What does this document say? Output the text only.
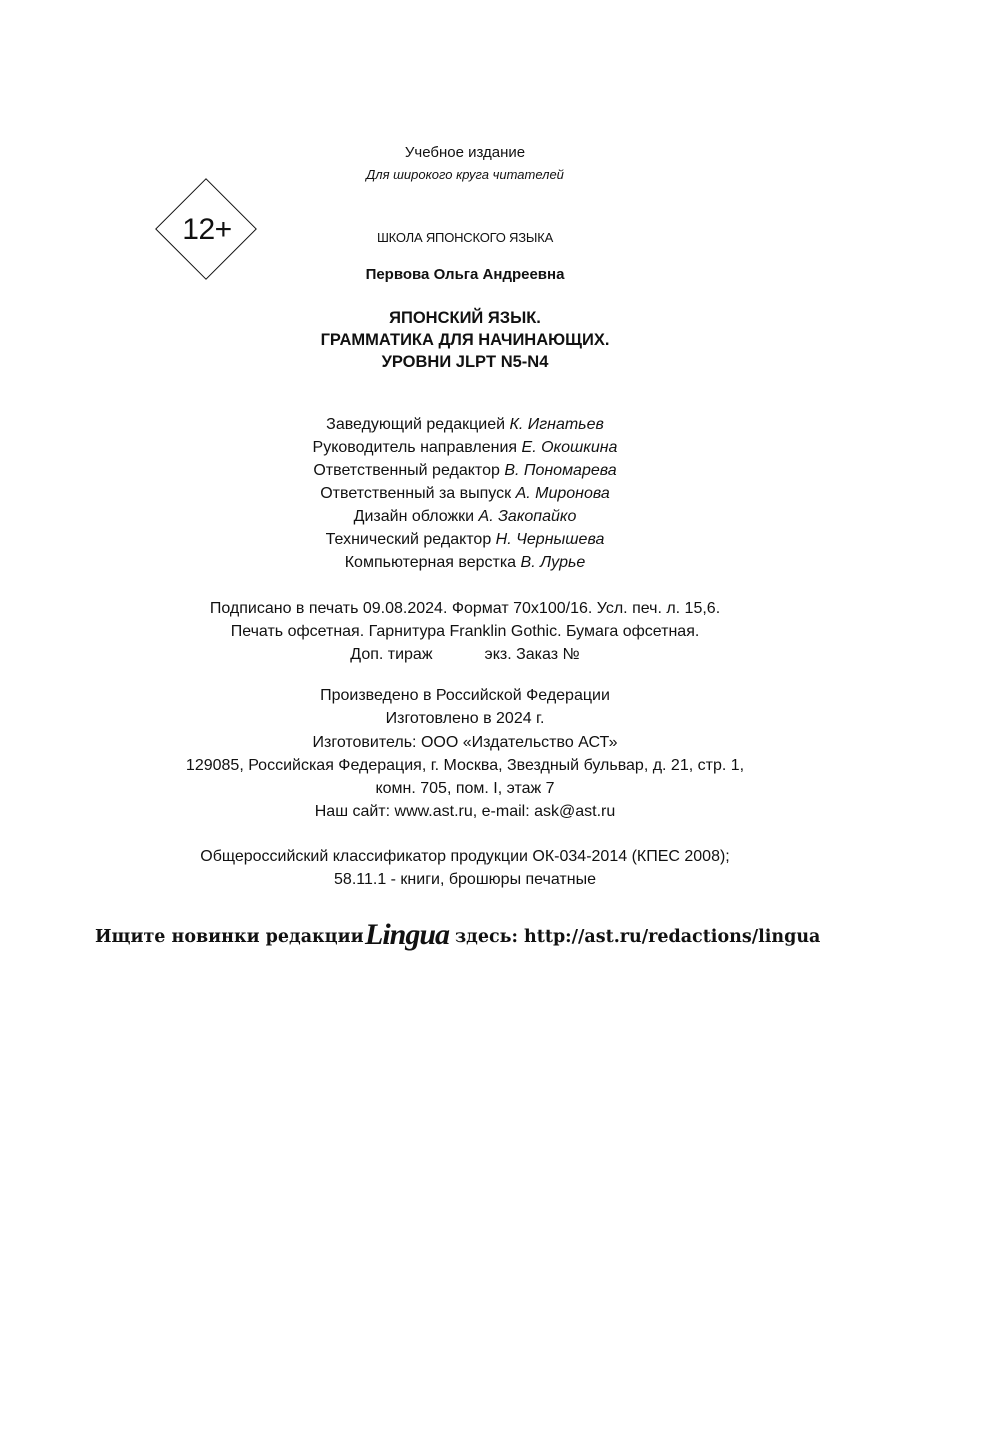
Учебное издание
Для широкого круга читателей
12+	ШКОЛА ЯПОНСКОГО ЯЗЫКА
Первова Ольга Андреевна
ЯПОНСКИЙ ЯЗЫК.
ГРАММАТИКА ДЛЯ НАЧИНАЮЩИХ.
УРОВНИ JLPT N5-N4
Заведующий редакцией К. Игнатьев
Руководитель направления Е. Окошкина
Ответственный редактор В. Пономарева
Ответственный за выпуск А. Миронова
Дизайн обложки А. Закопайко
Технический редактор Н. Чернышева
Компьютерная верстка В. Лурье
Подписано в печать 09.08.2024. Формат 70x100/16. Усл. печ. л. 15,6.
Печать офсетная. Гарнитура Franklin Gothic. Бумага офсетная.
Доп. тираж	экз. Заказ №
Произведено в Российской Федерации
Изготовлено в 2024 г.
Изготовитель: ООО «Издательство АСТ»
129085, Российская Федерация, г. Москва, Звездный бульвар, д. 21, стр. 1,
комн. 705, пом. I, этаж 7
Наш сайт: www.ast.ru, e-mail: ask@ast.ru
Общероссийский классификатор продукции ОК-034-2014 (КПЕС 2008);
58.11.1 - книги, брошюры печатные
Ищите новинки редакции Lingua здесь: http://ast.ru/redactions/lingua
